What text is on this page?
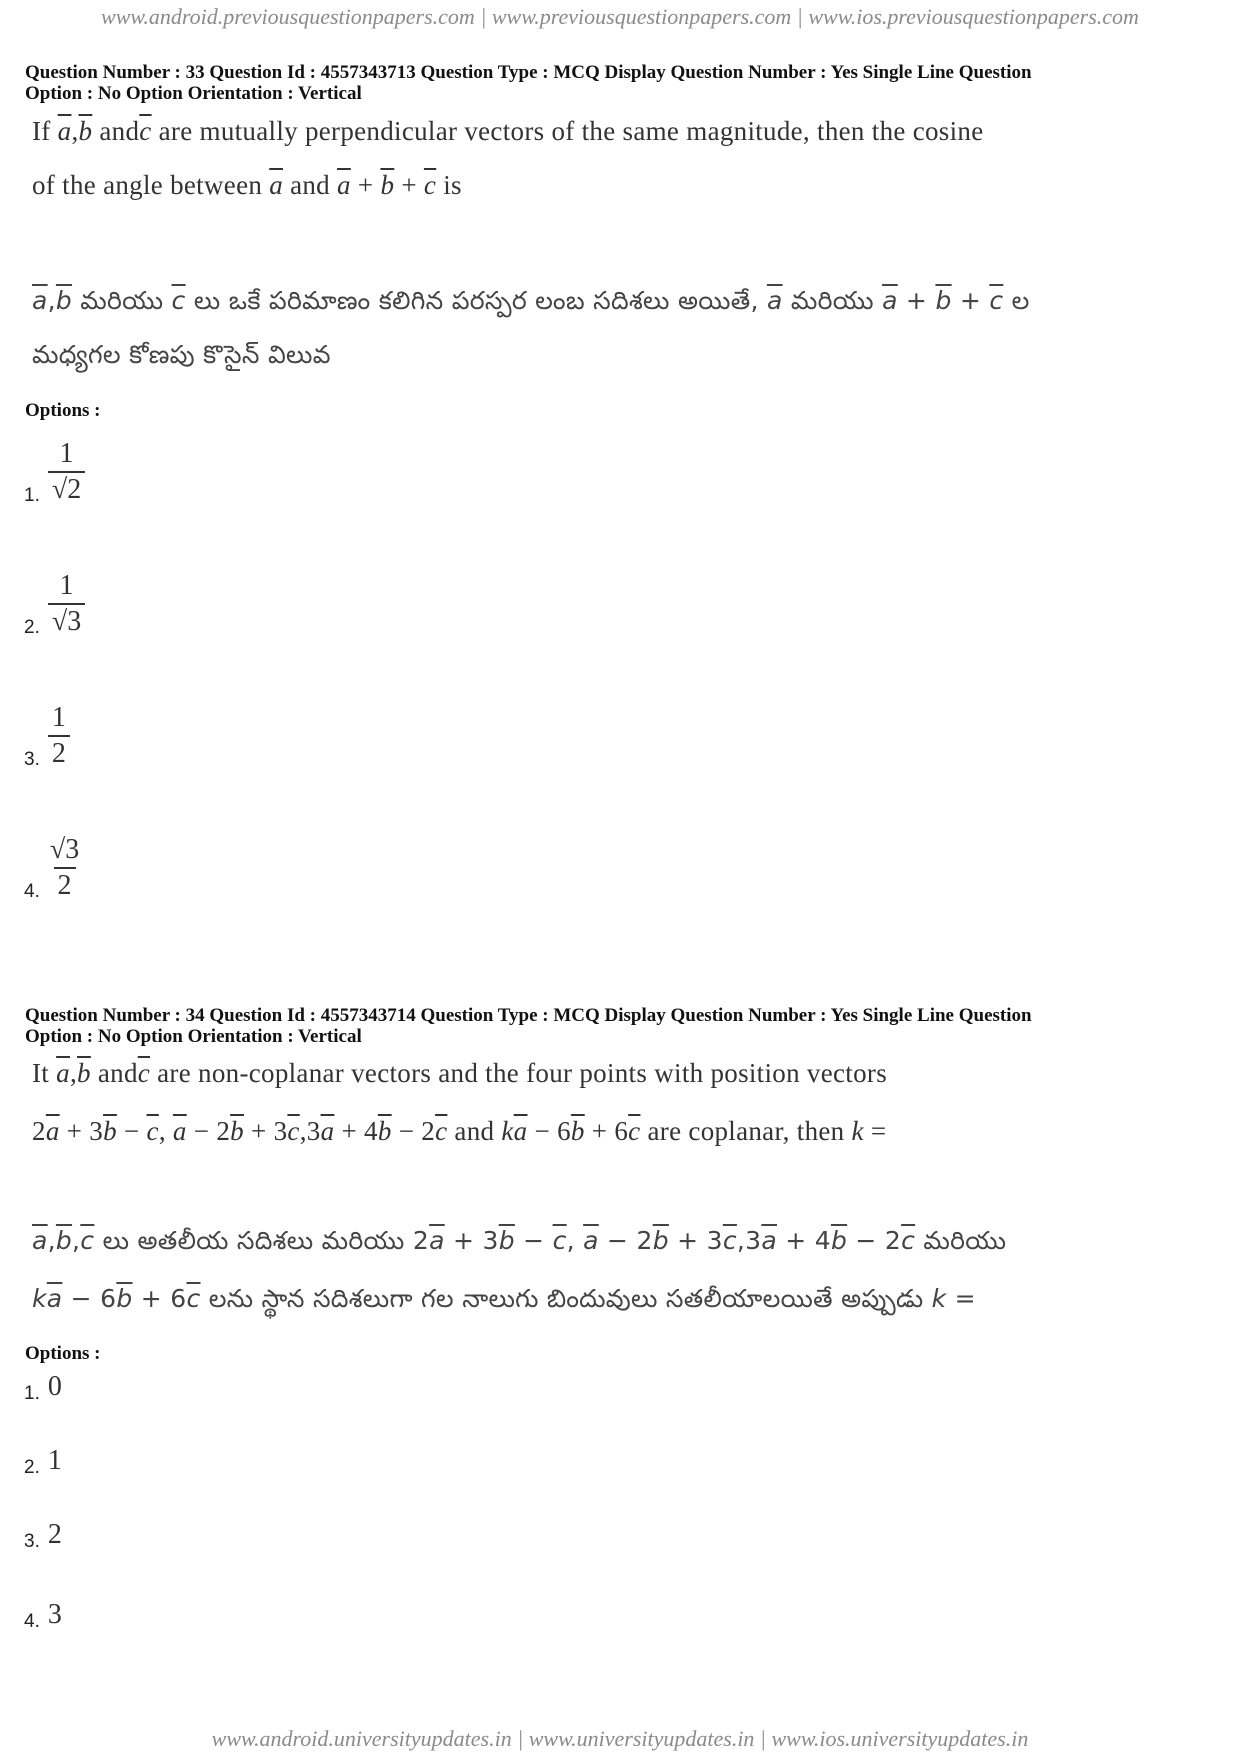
www.android.previousquestionpapers.com | www.previousquestionpapers.com | www.ios.previousquestionpapers.com
Question Number : 33 Question Id : 4557343713 Question Type : MCQ Display Question Number : Yes Single Line Question
Option : No Option Orientation : Vertical
If $\overline{a},\overline{b}$ $and\overline{c}$ are mutually perpendicular vectors of the same magnitude, then the cosine
of the angle between $\overline{a}$ and $\overline{a} + \overline{b} + \overline{c}$ is
$\overline{a},\overline{b}$ మరియు $\overline{c}$ లు ఒకే పరిమాణం కలిగిన పరస్పర లంబ సదిశలు అయితే, $\overline{a}$ మరియు $\overline{a} + \overline{b} + \overline{c}$ ల
మధ్యగల కోణపు కొసైన్ విలువ
Options :
1. $\frac{1}{√2}$
2. $\frac{1}{√3}$
3. $\frac{1}{2}$
4. $\frac{√3}{2}$
Question Number : 34 Question Id : 4557343714 Question Type : MCQ Display Question Number : Yes Single Line Question
Option : No Option Orientation : Vertical
It $\overline{a},\overline{b}$ $and\overline{c}$ are non-coplanar vectors and the four points with position vectors
$2\overline{a} + 3\overline{b} - \overline{c}$, $\overline{a} - 2\overline{b} + 3\overline{c},3\overline{a} + 4\overline{b} - 2\overline{c}$ and $k\overline{a} - 6\overline{b} + 6\overline{c}$ are coplanar, then k =
$\overline{a},\overline{b},\overline{c}$ లు అతలీయ సదిశలు మరియు $2\overline{a} + 3\overline{b} - \overline{c}$, $\overline{a} - 2\overline{b} + 3\overline{c},3\overline{a} + 4\overline{b} - 2\overline{c}$ మరియు
$k\overline{a} - 6\overline{b} + 6\overline{c}$ లను స్థాన సదిశలుగా గల నాలుగు బిందువులు సతలీయాలయితే అప్పుడు k =
Options :
1. 0
2. 1
3. 2
4. 3
www.android.universityupdates.in | www.universityupdates.in | www.ios.universityupdates.in
